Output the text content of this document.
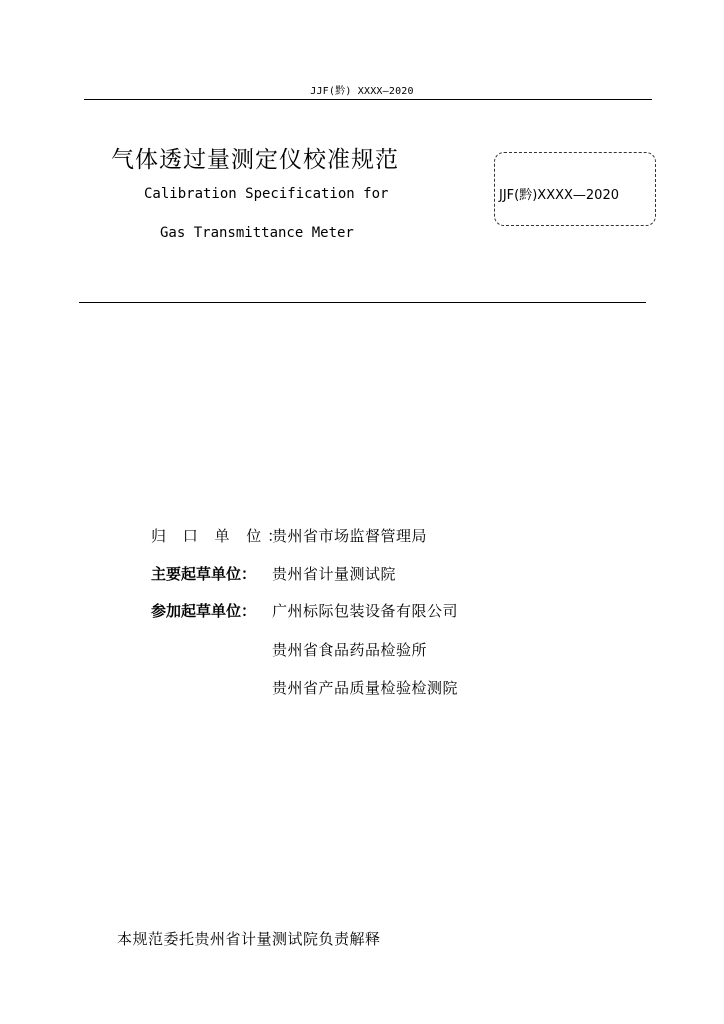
JJF(黔) XXXX—2020
气体透过量测定仪校准规范
Calibration Specification for
Gas Transmittance Meter
JJF(黔)XXXX—2020
归 口 单 位：贵州省市场监督管理局
主要起草单位： 贵州省计量测试院
参加起草单位： 广州标际包装设备有限公司
贵州省食品药品检验所
贵州省产品质量检验检测院
本规范委托贵州省计量测试院负责解释
